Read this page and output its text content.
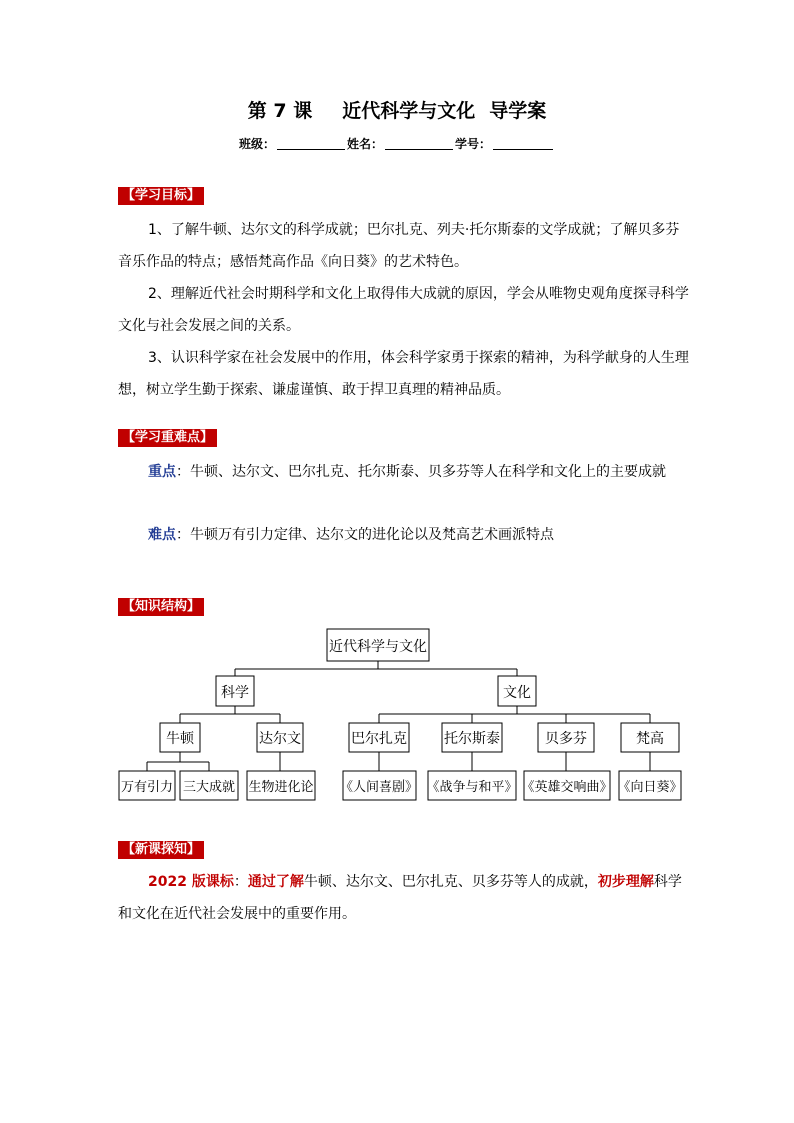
第 7 课 近代科学与文化 导学案
班级：	姓名：	学号：
【学习目标】
1、了解牛顿、达尔文的科学成就；巴尔扎克、列夫·托尔斯泰的文学成就；了解贝多芬音乐作品的特点；感悟梵高作品《向日葵》的艺术特色。
2、理解近代社会时期科学和文化上取得伟大成就的原因，学会从唯物史观角度探寻科学文化与社会发展之间的关系。
3、认识科学家在社会发展中的作用，体会科学家勇于探索的精神，为科学献身的人生理想，树立学生勤于探索、谦虚谨慎、敢于捍卫真理的精神品质。
【学习重难点】
重点：牛顿、达尔文、巴尔扎克、托尔斯泰、贝多芬等人在科学和文化上的主要成就
难点：牛顿万有引力定律、达尔文的进化论以及梵高艺术画派特点
【知识结构】
近代科学与文化
科学	文化
牛顿	达尔文	巴尔扎克	托尔斯泰	贝多芬	梵高
万有引力 三大成就 生物进化论 《人间喜剧》 《战争与和平》 《英雄交响曲》 《向日葵》
【新课探知】
2022 版课标：通过了解牛顿、达尔文、巴尔扎克、贝多芬等人的成就，初步理解科学和文化在近代社会发展中的重要作用。
